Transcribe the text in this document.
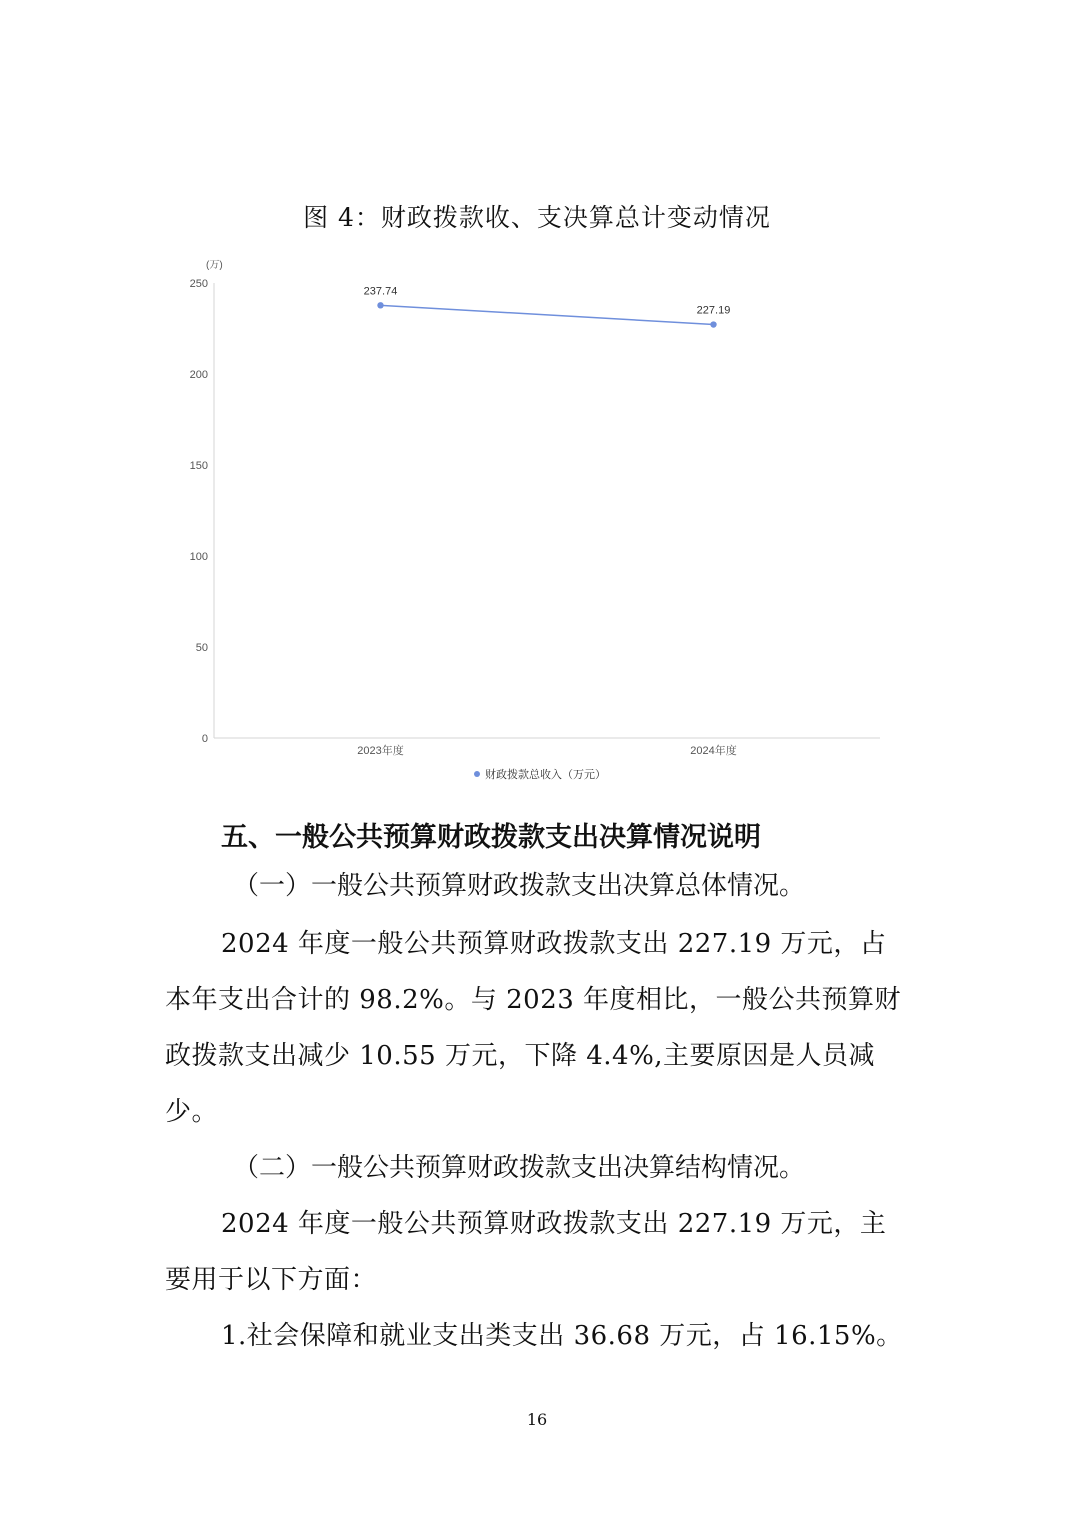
图 4：财政拨款收、支决算总计变动情况
(万)
0
50
100
150
200
250
2023年度	2024年度
237.74
227.19
财政拨款总收入（万元）
五、一般公共预算财政拨款支出决算情况说明
（一）一般公共预算财政拨款支出决算总体情况。
2024 年度一般公共预算财政拨款支出 227.19 万元，占
本年支出合计的 98.2%。与 2023 年度相比，一般公共预算财
政拨款支出减少 10.55 万元，下降 4.4%,主要原因是人员减
少。
（二）一般公共预算财政拨款支出决算结构情况。
2024 年度一般公共预算财政拨款支出 227.19 万元，主
要用于以下方面：
1.社会保障和就业支出类支出 36.68 万元，占 16.15%。
16
